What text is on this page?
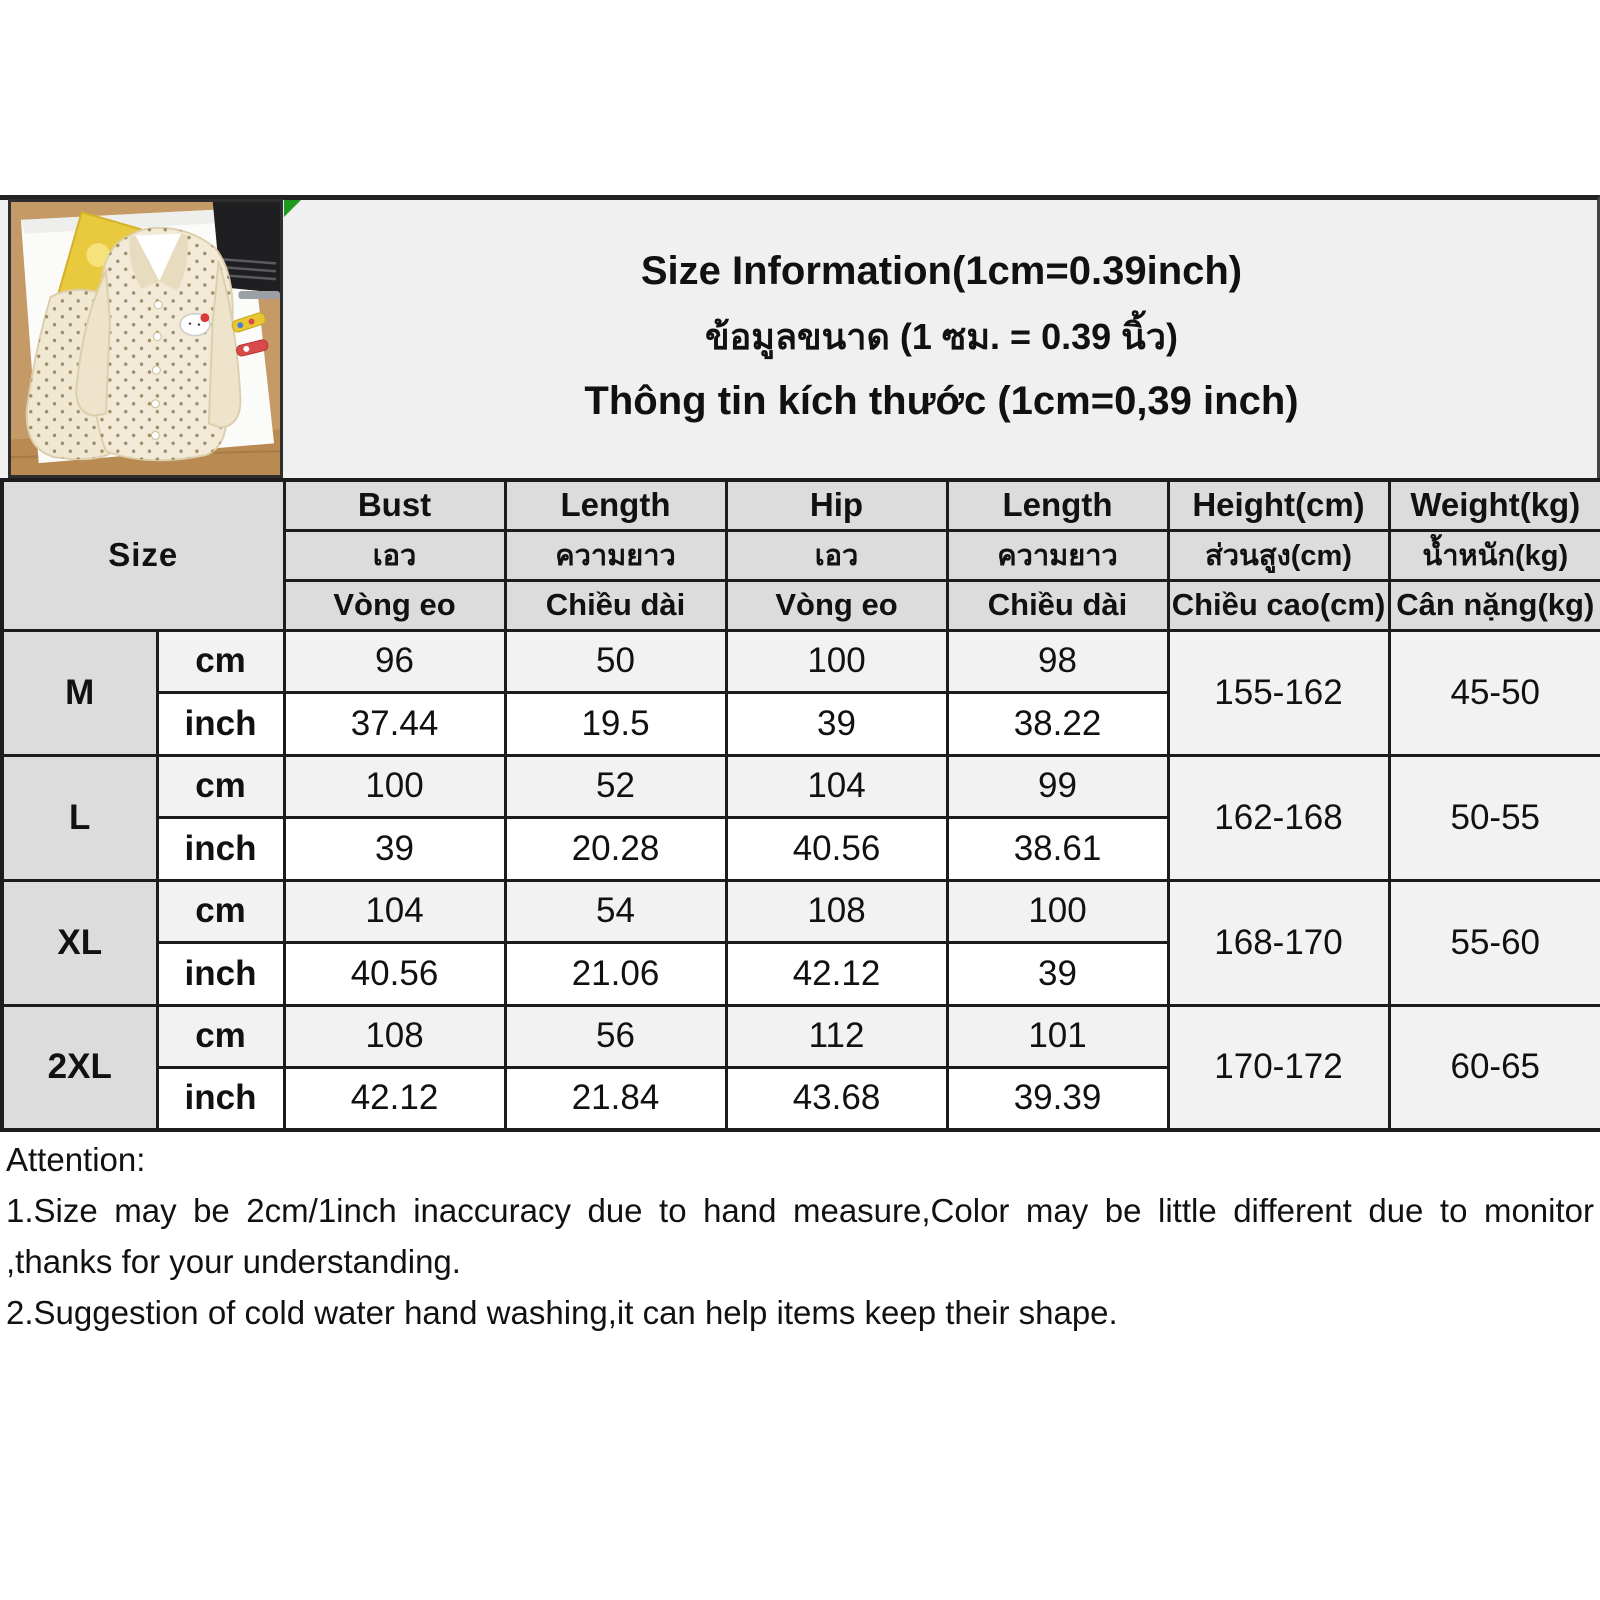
Size Information(1cm=0.39inch)
ข้อมูลขนาด (1 ซม. = 0.39 นิ้ว)
Thông tin kích thước (1cm=0,39 inch)
Size		Bust	Length	Hip	Length	Height(cm)	Weight(kg)
		เอว	ความยาว	เอว	ความยาว	ส่วนสูง(cm)	น้ำหนัก(kg)
		Vòng eo	Chiều dài	Vòng eo	Chiều dài	Chiều cao(cm)	Cân nặng(kg)
M	cm	96	50	100	98	155-162	45-50
	inch	37.44	19.5	39	38.22		
L	cm	100	52	104	99	162-168	50-55
	inch	39	20.28	40.56	38.61		
XL	cm	104	54	108	100	168-170	55-60
	inch	40.56	21.06	42.12	39		
2XL	cm	108	56	112	101	170-172	60-65
	inch	42.12	21.84	43.68	39.39		
Attention:
1.Size may be 2cm/1inch inaccuracy due to hand measure,Color may be little different due to monitor ,thanks for your understanding.
2.Suggestion of cold water hand washing,it can help items keep their shape.
